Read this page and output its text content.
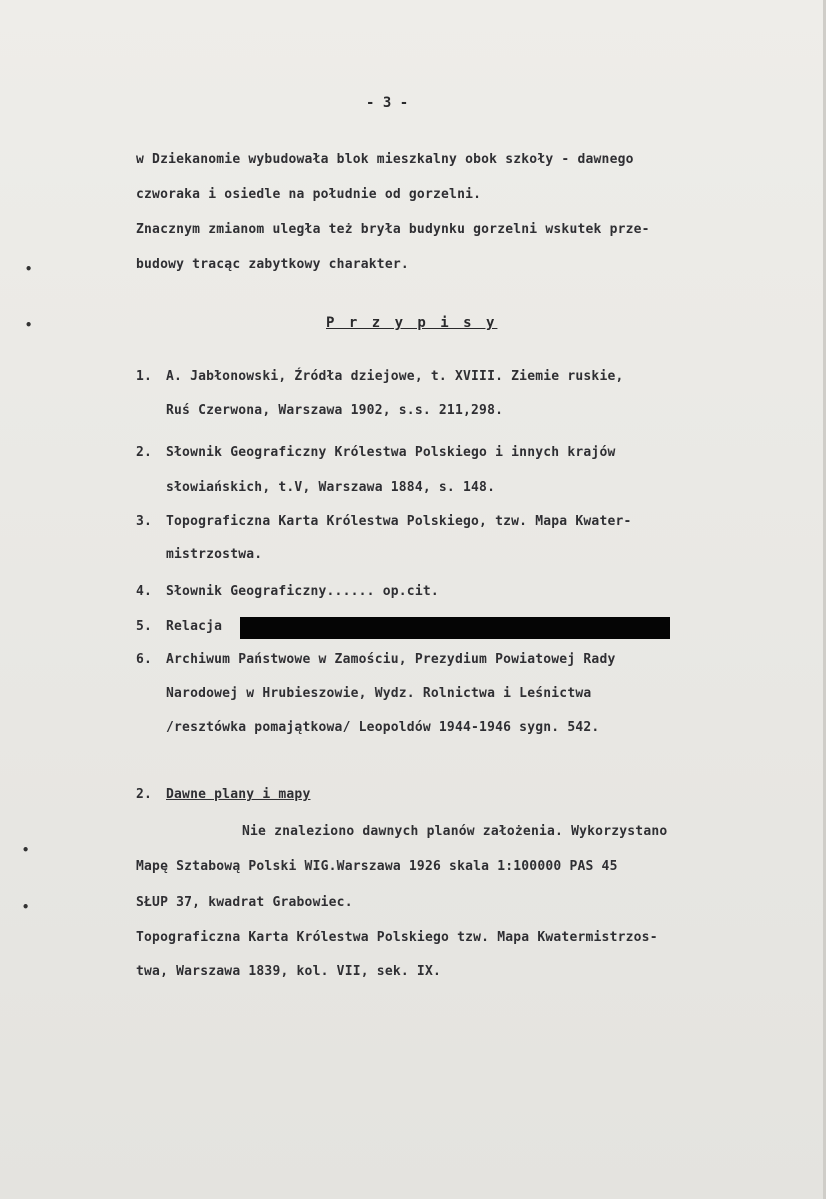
•
•
•
•
- 3 -
w Dziekanomie wybudowała blok mieszkalny obok szkoły - dawnego
czworaka i osiedle na południe od gorzelni.
Znacznym zmianom uległa też bryła budynku gorzelni wskutek prze-
budowy tracąc zabytkowy charakter.
P r z y p i s y
1. A. Jabłonowski, Źródła dziejowe, t. XVIII. Ziemie ruskie,
Ruś Czerwona, Warszawa 1902, s.s. 211,298.
2. Słownik Geograficzny Królestwa Polskiego i innych krajów
słowiańskich, t.V, Warszawa 1884, s. 148.
3. Topograficzna Karta Królestwa Polskiego, tzw. Mapa Kwater-
mistrzostwa.
4. Słownik Geograficzny...... op.cit.
5. Relacja
6. Archiwum Państwowe w Zamościu, Prezydium Powiatowej Rady
Narodowej w Hrubieszowie, Wydz. Rolnictwa i Leśnictwa
/resztówka pomajątkowa/ Leopoldów 1944-1946 sygn. 542.
2. Dawne plany i mapy
Nie znaleziono dawnych planów założenia. Wykorzystano
Mapę Sztabową Polski WIG.Warszawa 1926 skala 1:100000 PAS 45
SŁUP 37, kwadrat Grabowiec.
Topograficzna Karta Królestwa Polskiego tzw. Mapa Kwatermistrzos-
twa, Warszawa 1839, kol. VII, sek. IX.
